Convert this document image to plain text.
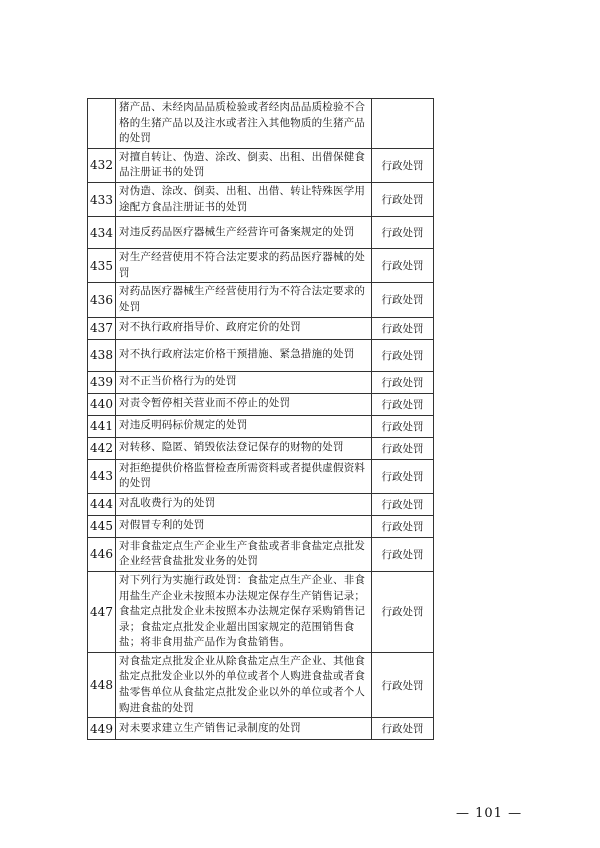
	猪产品、未经肉品品质检验或者经肉品品质检验不合格的生猪产品以及注水或者注入其他物质的生猪产品的处罚	
432	对擅自转让、伪造、涂改、倒卖、出租、出借保健食品注册证书的处罚	行政处罚
433	对伪造、涂改、倒卖、出租、出借、转让特殊医学用途配方食品注册证书的处罚	行政处罚
434	对违反药品医疗器械生产经营许可备案规定的处罚	行政处罚
435	对生产经营使用不符合法定要求的药品医疗器械的处罚	行政处罚
436	对药品医疗器械生产经营使用行为不符合法定要求的处罚	行政处罚
437	对不执行政府指导价、政府定价的处罚	行政处罚
438	对不执行政府法定价格干预措施、紧急措施的处罚	行政处罚
439	对不正当价格行为的处罚	行政处罚
440	对责令暂停相关营业而不停止的处罚	行政处罚
441	对违反明码标价规定的处罚	行政处罚
442	对转移、隐匿、销毁依法登记保存的财物的处罚	行政处罚
443	对拒绝提供价格监督检查所需资料或者提供虚假资料的处罚	行政处罚
444	对乱收费行为的处罚	行政处罚
445	对假冒专利的处罚	行政处罚
446	对非食盐定点生产企业生产食盐或者非食盐定点批发企业经营食盐批发业务的处罚	行政处罚
447	对下列行为实施行政处罚：食盐定点生产企业、非食用盐生产企业未按照本办法规定保存生产销售记录；食盐定点批发企业未按照本办法规定保存采购销售记录；食盐定点批发企业超出国家规定的范围销售食盐；将非食用盐产品作为食盐销售。	行政处罚
448	对食盐定点批发企业从除食盐定点生产企业、其他食盐定点批发企业以外的单位或者个人购进食盐或者食盐零售单位从食盐定点批发企业以外的单位或者个人购进食盐的处罚	行政处罚
449	对未要求建立生产销售记录制度的处罚	行政处罚
— 101 —
